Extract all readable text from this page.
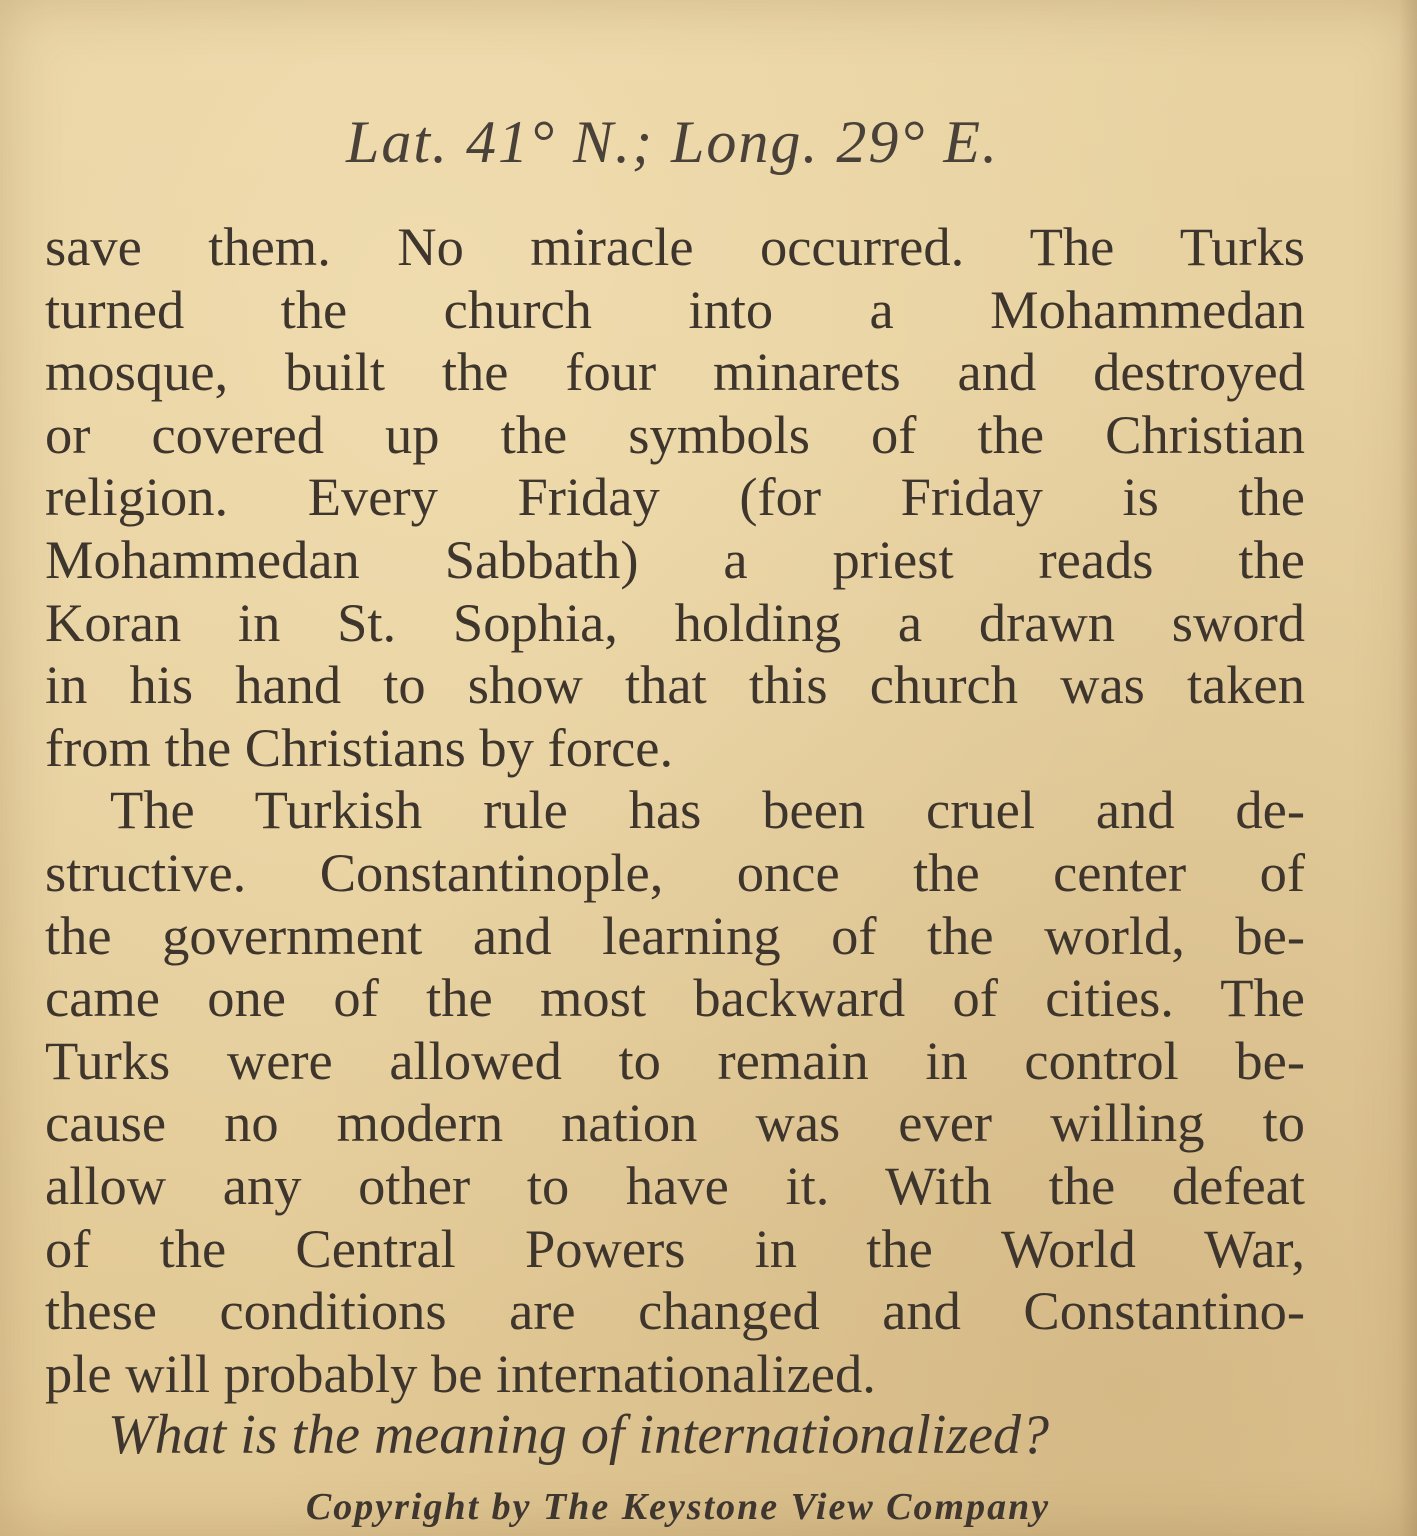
Lat. 41° N.; Long. 29° E.
save them. No miracle occurred. The Turks
turned the church into a Mohammedan
mosque, built the four minarets and destroyed
or covered up the symbols of the Christian
religion. Every Friday (for Friday is the
Mohammedan Sabbath) a priest reads the
Koran in St. Sophia, holding a drawn sword
in his hand to show that this church was taken
from the Christians by force.
The Turkish rule has been cruel and de-
structive. Constantinople, once the center of
the government and learning of the world, be-
came one of the most backward of cities. The
Turks were allowed to remain in control be-
cause no modern nation was ever willing to
allow any other to have it. With the defeat
of the Central Powers in the World War,
these conditions are changed and Constantino-
ple will probably be internationalized.
What is the meaning of internationalized?
Copyright by The Keystone View Company
